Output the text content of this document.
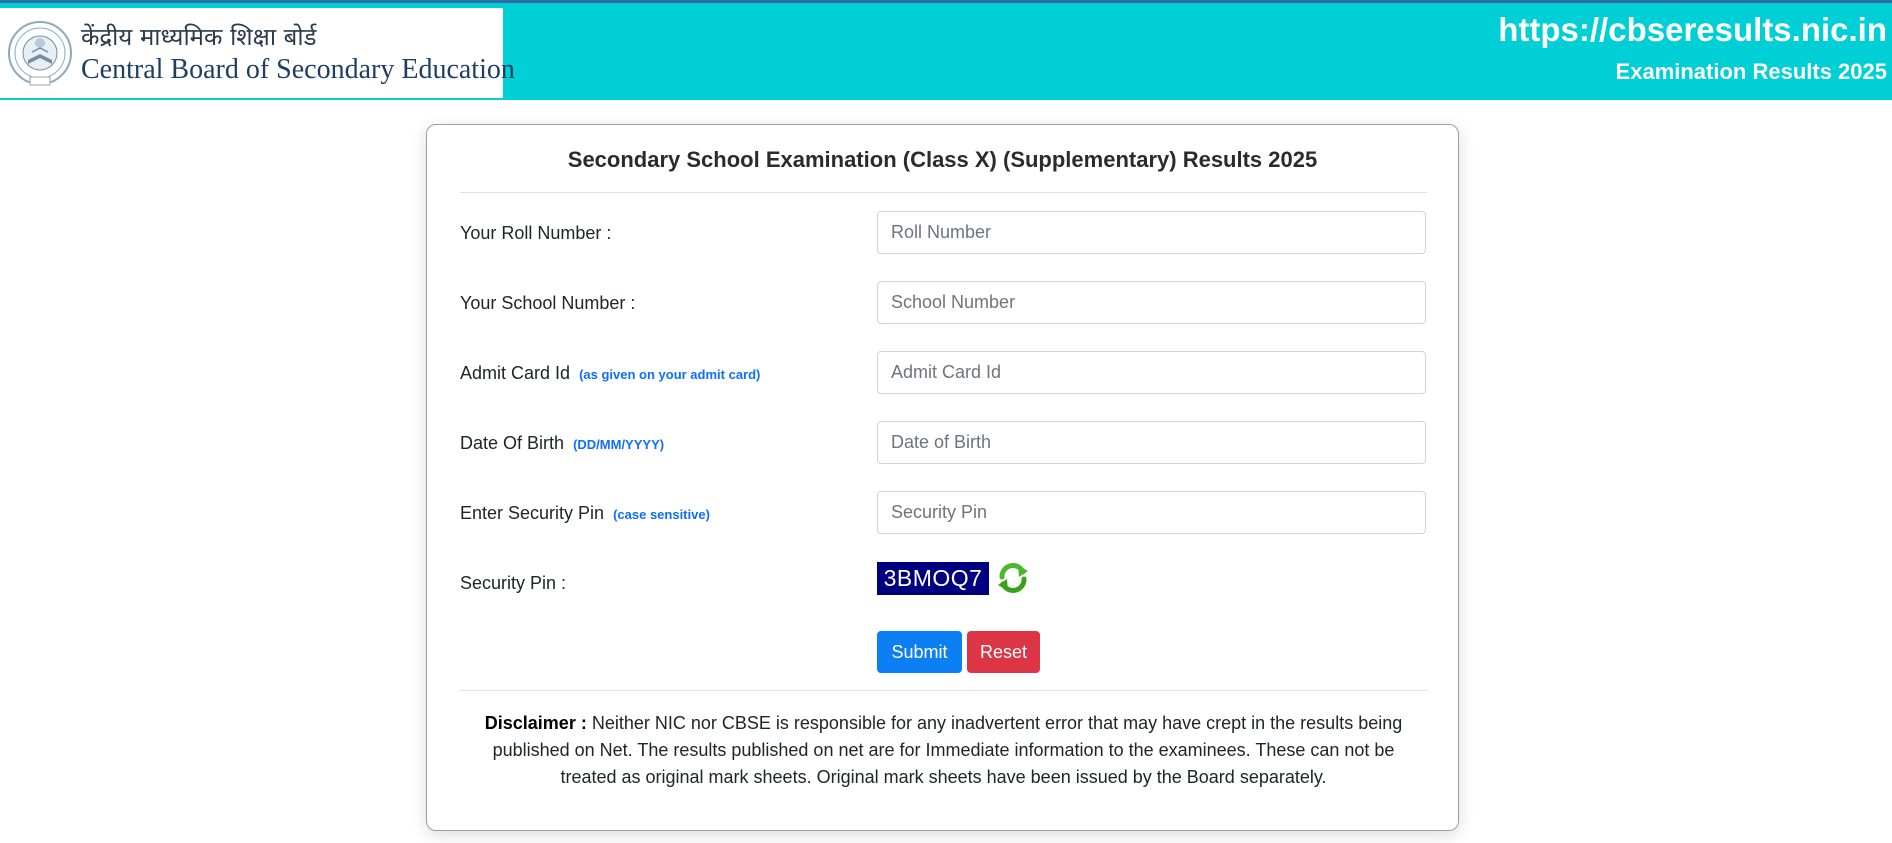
केंद्रीय माध्यमिक शिक्षा बोर्ड
Central Board of Secondary Education
https://cbseresults.nic.in
Examination Results 2025
Secondary School Examination (Class X) (Supplementary) Results 2025
Your Roll Number :
Roll Number
Your School Number :
School Number
Admit Card Id (as given on your admit card)
Admit Card Id
Date Of Birth (DD/MM/YYYY)
Date of Birth
Enter Security Pin (case sensitive)
Security Pin
Security Pin :	3BMOQ7
Submit	Reset
Disclaimer : Neither NIC nor CBSE is responsible for any inadvertent error that may have crept in the results being published on Net. The results published on net are for Immediate information to the examinees. These can not be treated as original mark sheets. Original mark sheets have been issued by the Board separately.
